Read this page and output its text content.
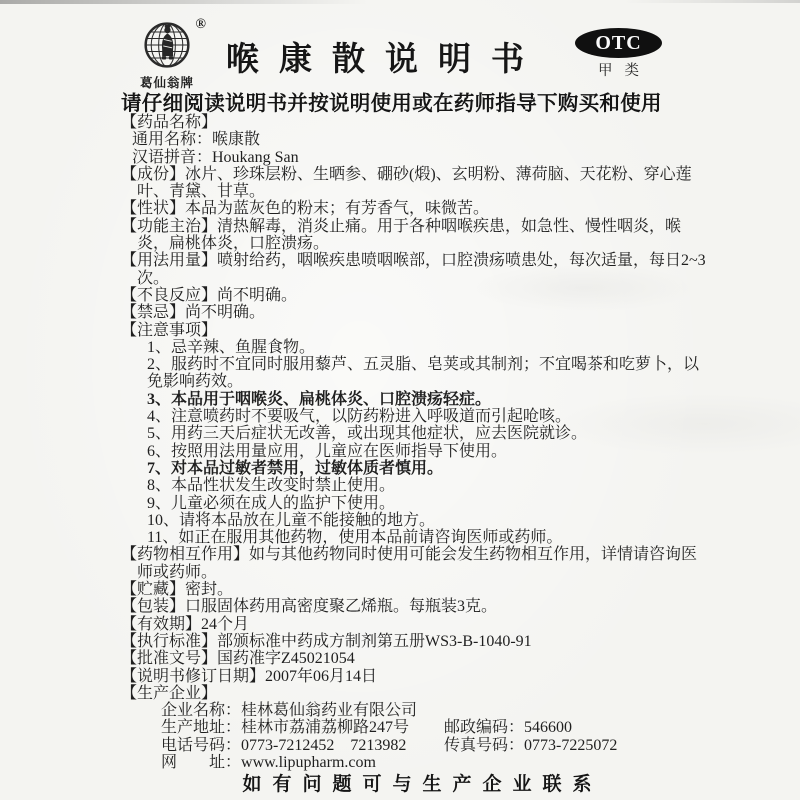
®
葛仙翁牌
喉康散说明书	OTC
甲类
请仔细阅读说明书并按说明使用或在药师指导下购买和使用
【药品名称】
通用名称：喉康散
汉语拼音：Houkang San
【成份】冰片、珍珠层粉、生晒参、硼砂(煅)、玄明粉、薄荷脑、天花粉、穿心莲叶、青黛、甘草。
【性状】本品为蓝灰色的粉末；有芳香气，味微苦。
【功能主治】清热解毒，消炎止痛。用于各种咽喉疾患，如急性、慢性咽炎，喉炎，扁桃体炎，口腔溃疡。
【用法用量】喷射给药，咽喉疾患喷咽喉部，口腔溃疡喷患处，每次适量，每日2~3次。
【不良反应】尚不明确。
【禁忌】尚不明确。
【注意事项】
1、忌辛辣、鱼腥食物。
2、服药时不宜同时服用藜芦、五灵脂、皂荚或其制剂；不宜喝茶和吃萝卜，以免影响药效。
3、本品用于咽喉炎、扁桃体炎、口腔溃疡轻症。
4、注意喷药时不要吸气，以防药粉进入呼吸道而引起呛咳。
5、用药三天后症状无改善，或出现其他症状，应去医院就诊。
6、按照用法用量应用，儿童应在医师指导下使用。
7、对本品过敏者禁用，过敏体质者慎用。
8、本品性状发生改变时禁止使用。
9、儿童必须在成人的监护下使用。
10、请将本品放在儿童不能接触的地方。
11、如正在服用其他药物，使用本品前请咨询医师或药师。
【药物相互作用】如与其他药物同时使用可能会发生药物相互作用，详情请咨询医师或药师。
【贮藏】密封。
【包装】口服固体药用高密度聚乙烯瓶。每瓶装3克。
【有效期】24个月
【执行标准】部颁标准中药成方制剂第五册WS3-B-1040-91
【批准文号】国药准字Z45021054
【说明书修订日期】2007年06月14日
【生产企业】
企业名称：桂林葛仙翁药业有限公司
生产地址：桂林市荔浦荔柳路247号 邮政编码：546600
电话号码：0773-7212452　7213982 传真号码：0773-7225072
网　　址：www.lipupharm.com
如有问题可与生产企业联系
